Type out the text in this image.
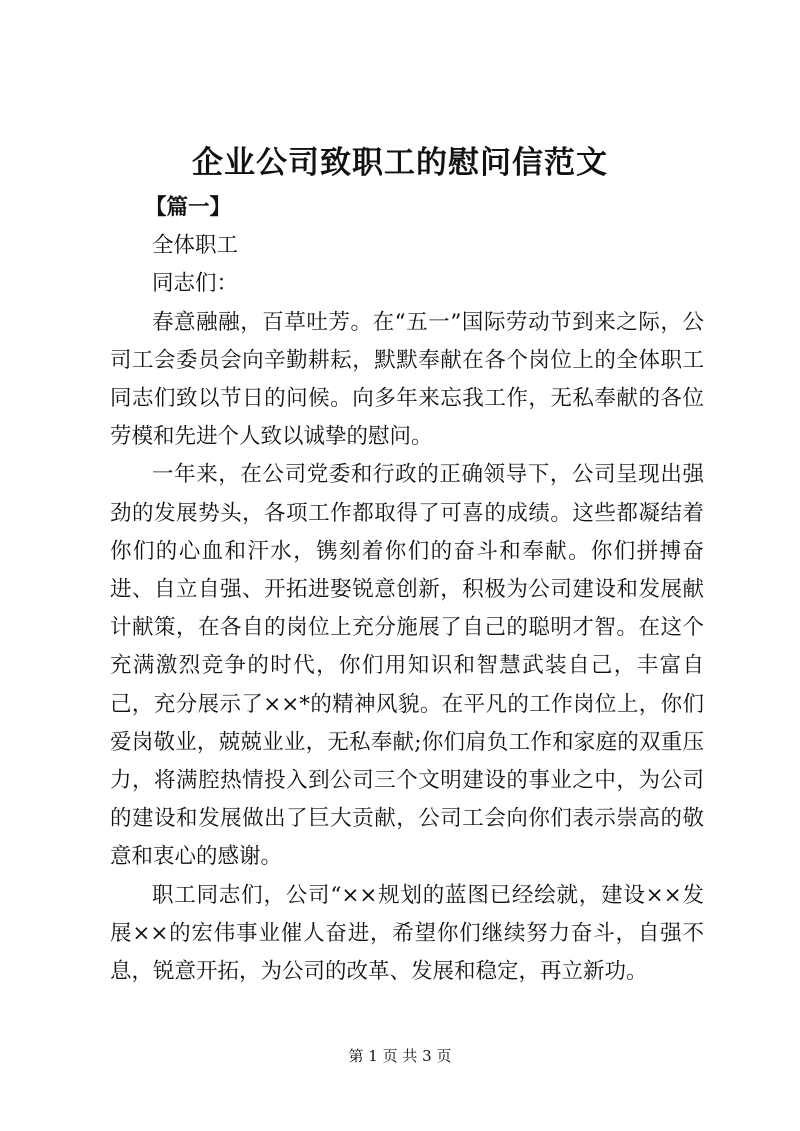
企业公司致职工的慰问信范文

【篇一】

全体职工

同志们：

春意融融，百草吐芳。在“五一”国际劳动节到来之际，公司工会委员会向辛勤耕耘，默默奉献在各个岗位上的全体职工同志们致以节日的问候。向多年来忘我工作，无私奉献的各位劳模和先进个人致以诚挚的慰问。

一年来，在公司党委和行政的正确领导下，公司呈现出强劲的发展势头，各项工作都取得了可喜的成绩。这些都凝结着你们的心血和汗水，镌刻着你们的奋斗和奉献。你们拼搏奋进、自立自强、开拓进娶锐意创新，积极为公司建设和发展献计献策，在各自的岗位上充分施展了自己的聪明才智。在这个充满激烈竞争的时代，你们用知识和智慧武装自己，丰富自己，充分展示了××*的精神风貌。在平凡的工作岗位上，你们爱岗敬业，兢兢业业，无私奉献;你们肩负工作和家庭的双重压力，将满腔热情投入到公司三个文明建设的事业之中，为公司的建设和发展做出了巨大贡献，公司工会向你们表示崇高的敬意和衷心的感谢。

职工同志们，公司“××规划的蓝图已经绘就，建设××发展××的宏伟事业催人奋进，希望你们继续努力奋斗，自强不息，锐意开拓，为公司的改革、发展和稳定，再立新功。

第 1 页 共 3 页
